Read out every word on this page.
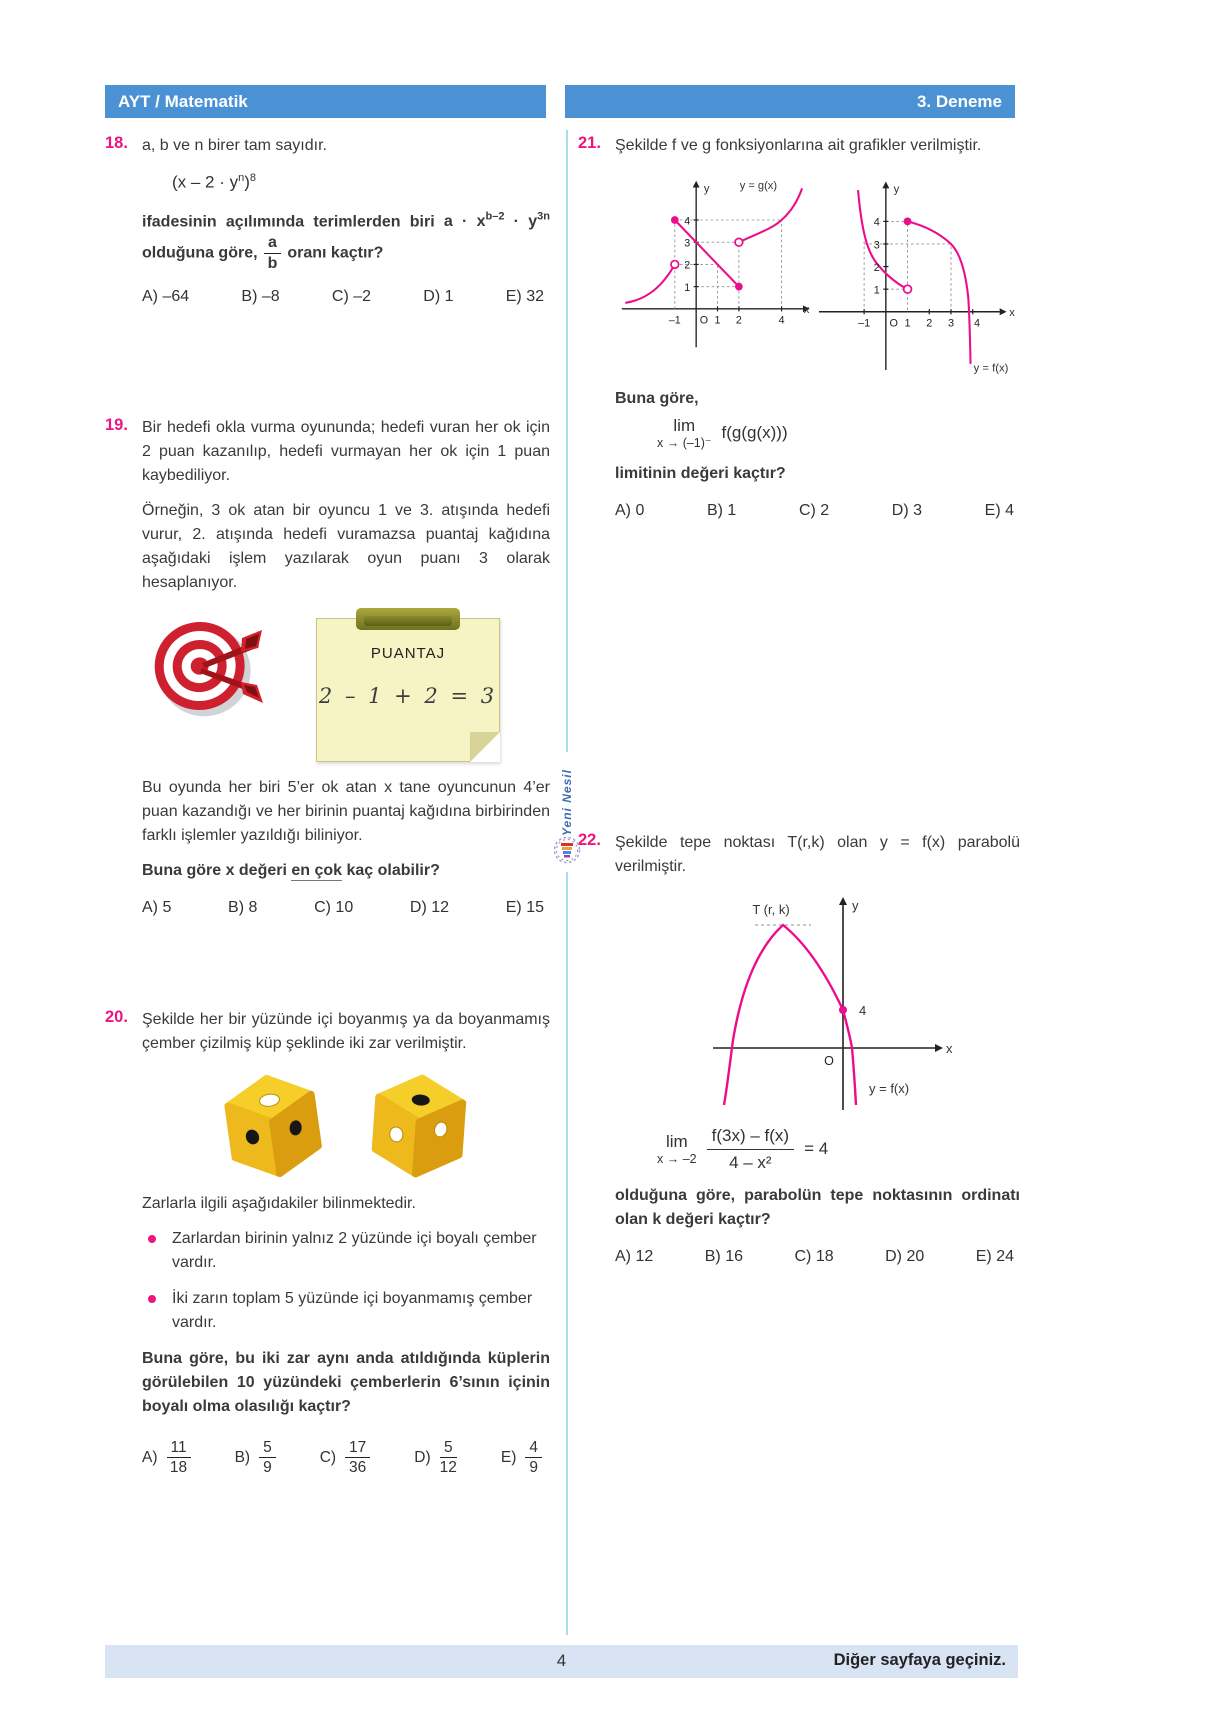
AYT / Matematik	3. Deneme
Yeni Nesil
18. a, b ve n birer tam sayıdır.

$(x - 2 \cdot y^n)^8$

ifadesinin açılımında terimlerden biri $a \cdot x^{b-2} \cdot y^{3n}$ olduğuna göre, $\frac{a}{b}$ oranı kaçtır?

A) –64	B) –8	C) –2	D) 1	E) 32
19. Bir hedefi okla vurma oyununda; hedefi vuran her ok için 2 puan kazanılıp, hedefi vurmayan her ok için 1 puan kaybediliyor.

Örneğin, 3 ok atan bir oyuncu 1 ve 3. atışında hedefi vurur, 2. atışında hedefi vuramazsa puantaj kağıdına aşağıdaki işlem yazılarak oyun puanı 3 olarak hesaplanıyor.

PUANTAJ
2 – 1 + 2 = 3

Bu oyunda her biri 5’er ok atan x tane oyuncunun 4’er puan kazandığı ve her birinin puantaj kağıdına birbirinden farklı işlemler yazıldığı biliniyor.

Buna göre x değeri en çok kaç olabilir?

A) 5	B) 8	C) 10	D) 12	E) 15
20. Şekilde her bir yüzünde içi boyanmış ya da boyanmamış çember çizilmiş küp şeklinde iki zar verilmiştir.

Zarlarla ilgili aşağıdakiler bilinmektedir.

Zarlardan birinin yalnız 2 yüzünde içi boyalı çember vardır.
İki zarın toplam 5 yüzünde içi boyanmamış çember vardır.

Buna göre, bu iki zar aynı anda atıldığında küplerin görülebilen 10 yüzündeki çemberlerin 6’sının içinin boyalı olma olasılığı kaçtır?

$A) \frac{11}{18}$	$B) \frac{5}{9}$	$C) \frac{17}{36}$	$D) \frac{5}{12}$	$E) \frac{4}{9}$
21. Şekilde f ve g fonksiyonlarına ait grafikler verilmiştir.

y
x
–1 O 1 2	4
1
2
3
4
y = g(x)	y
x
–1 O 1 2 3 4
1
2
3
4
y = f(x)

Buna göre,

lim
x → (–1)⁻
f(g(g(x)))

limitinin değeri kaçtır?

A) 0	B) 1	C) 2	D) 3	E) 4
22. Şekilde tepe noktası T(r,k) olan y = f(x) parabolü verilmiştir.

y
x
O
T (r, k)
4
y = f(x)
lim
$x \to -2 \frac{f(3x) - f(x)}{\text{4 – x²}} = 4$

olduğuna göre, parabolün tepe noktasının ordinatı olan k değeri kaçtır?

A) 12	B) 16	C) 18	D) 20	E) 24
4	Diğer sayfaya geçiniz.
